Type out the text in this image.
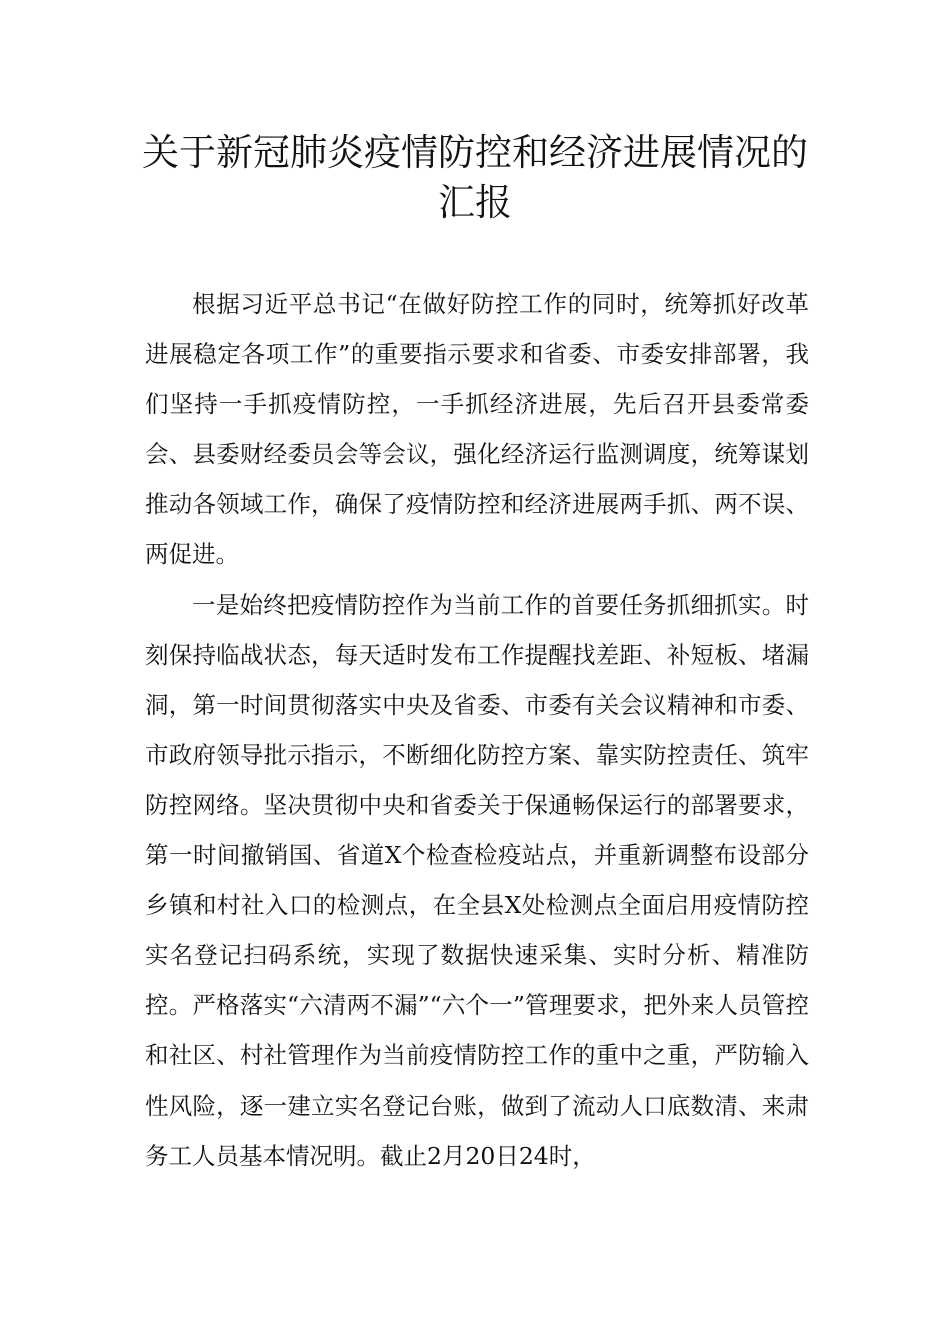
关于新冠肺炎疫情防控和经济进展情况的汇报

根据习近平总书记“在做好防控工作的同时，统筹抓好改革进展稳定各项工作”的重要指示要求和省委、市委安排部署，我们坚持一手抓疫情防控，一手抓经济进展，先后召开县委常委会、县委财经委员会等会议，强化经济运行监测调度，统筹谋划推动各领域工作，确保了疫情防控和经济进展两手抓、两不误、两促进。

一是始终把疫情防控作为当前工作的首要任务抓细抓实。时刻保持临战状态，每天适时发布工作提醒找差距、补短板、堵漏洞，第一时间贯彻落实中央及省委、市委有关会议精神和市委、市政府领导批示指示，不断细化防控方案、靠实防控责任、筑牢防控网络。坚决贯彻中央和省委关于保通畅保运行的部署要求，第一时间撤销国、省道X个检查检疫站点，并重新调整布设部分乡镇和村社入口的检测点，在全县X处检测点全面启用疫情防控实名登记扫码系统，实现了数据快速采集、实时分析、精准防控。严格落实“六清两不漏”“六个一”管理要求，把外来人员管控和社区、村社管理作为当前疫情防控工作的重中之重，严防输入性风险，逐一建立实名登记台账，做到了流动人口底数清、来肃务工人员基本情况明。截止2月20日24时，
